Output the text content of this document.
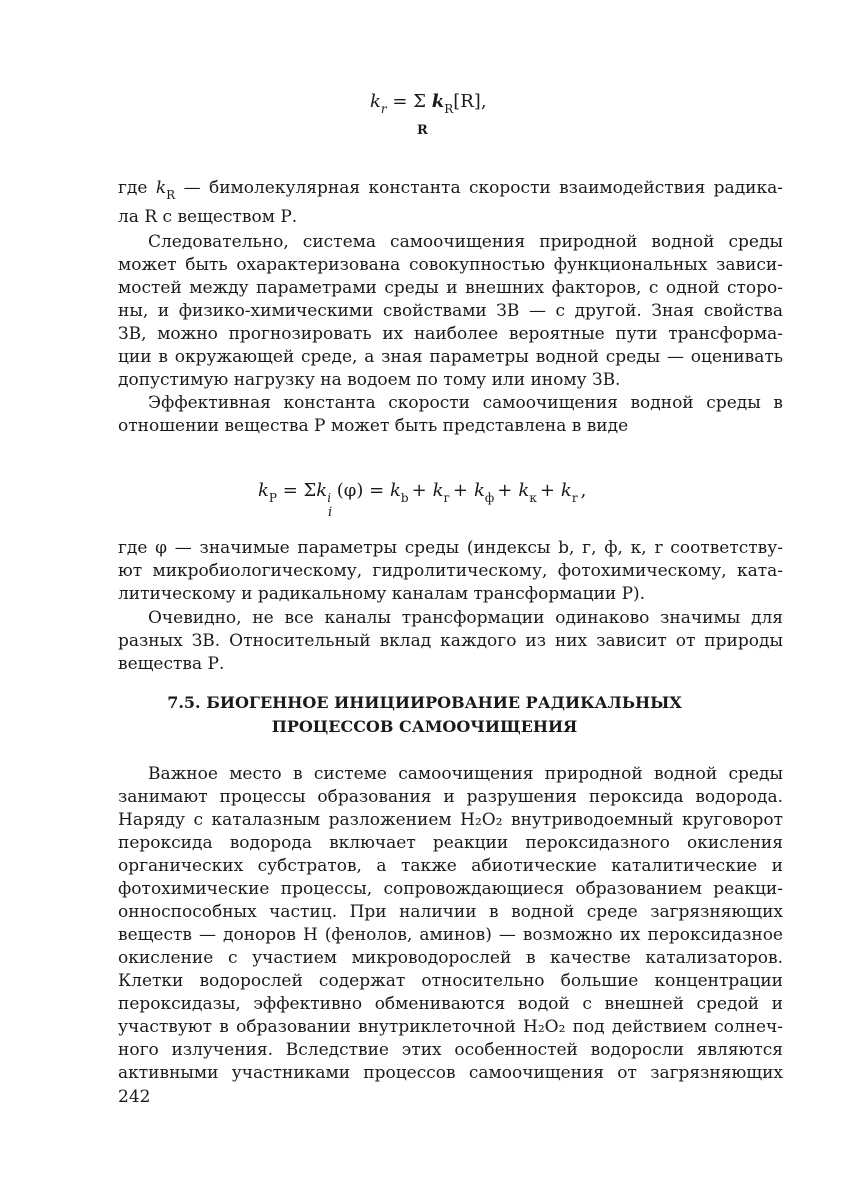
$k_r = \Sigma$ $k_R[R]$,
R
где $k_R$ — бимолекулярная константа скорости взаимодействия радика-
$k_P = \Sigma k_i$ $(\varphi) = k_b + k_г + k_ф + k_к + k_r$ ,
i
7.5. БИОГЕННОЕ ИНИЦИИРОВАНИЕ РАДИКАЛЬНЫХ
ПРОЦЕССОВ САМООЧИЩЕНИЯ
242
ла R с веществом Р.
Следовательно, система самоочищения природной водной среды
может быть охарактеризована совокупностью функциональных зависи-
мостей между параметрами среды и внешних факторов, с одной сторо-
ны, и физико-химическими свойствами ЗВ — с другой. Зная свойства
ЗВ, можно прогнозировать их наиболее вероятные пути трансформа-
ции в окружающей среде, а зная параметры водной среды — оценивать
допустимую нагрузку на водоем по тому или иному ЗВ.
Эффективная константа скорости самоочищения водной среды в
отношении вещества Р может быть представлена в виде
где φ — значимые параметры среды (индексы b, г, ф, к, r соответству-
ют микробиологическому, гидролитическому, фотохимическому, ката-
литическому и радикальному каналам трансформации Р).
Очевидно, не все каналы трансформации одинаково значимы для
разных ЗВ. Относительный вклад каждого из них зависит от природы
вещества Р.
Важное место в системе самоочищения природной водной среды
занимают процессы образования и разрушения пероксида водорода.
Наряду с каталазным разложением H₂O₂ внутриводоемный круговорот
пероксида водорода включает реакции пероксидазного окисления
органических субстратов, а также абиотические каталитические и
фотохимические процессы, сопровождающиеся образованием реакци-
онноспособных частиц. При наличии в водной среде загрязняющих
веществ — доноров Н (фенолов, аминов) — возможно их пероксидазное
окисление с участием микроводорослей в качестве катализаторов.
Клетки водорослей содержат относительно большие концентрации
пероксидазы, эффективно обмениваются водой с внешней средой и
участвуют в образовании внутриклеточной H₂O₂ под действием солнеч-
ного излучения. Вследствие этих особенностей водоросли являются
активными участниками процессов самоочищения от загрязняющих
